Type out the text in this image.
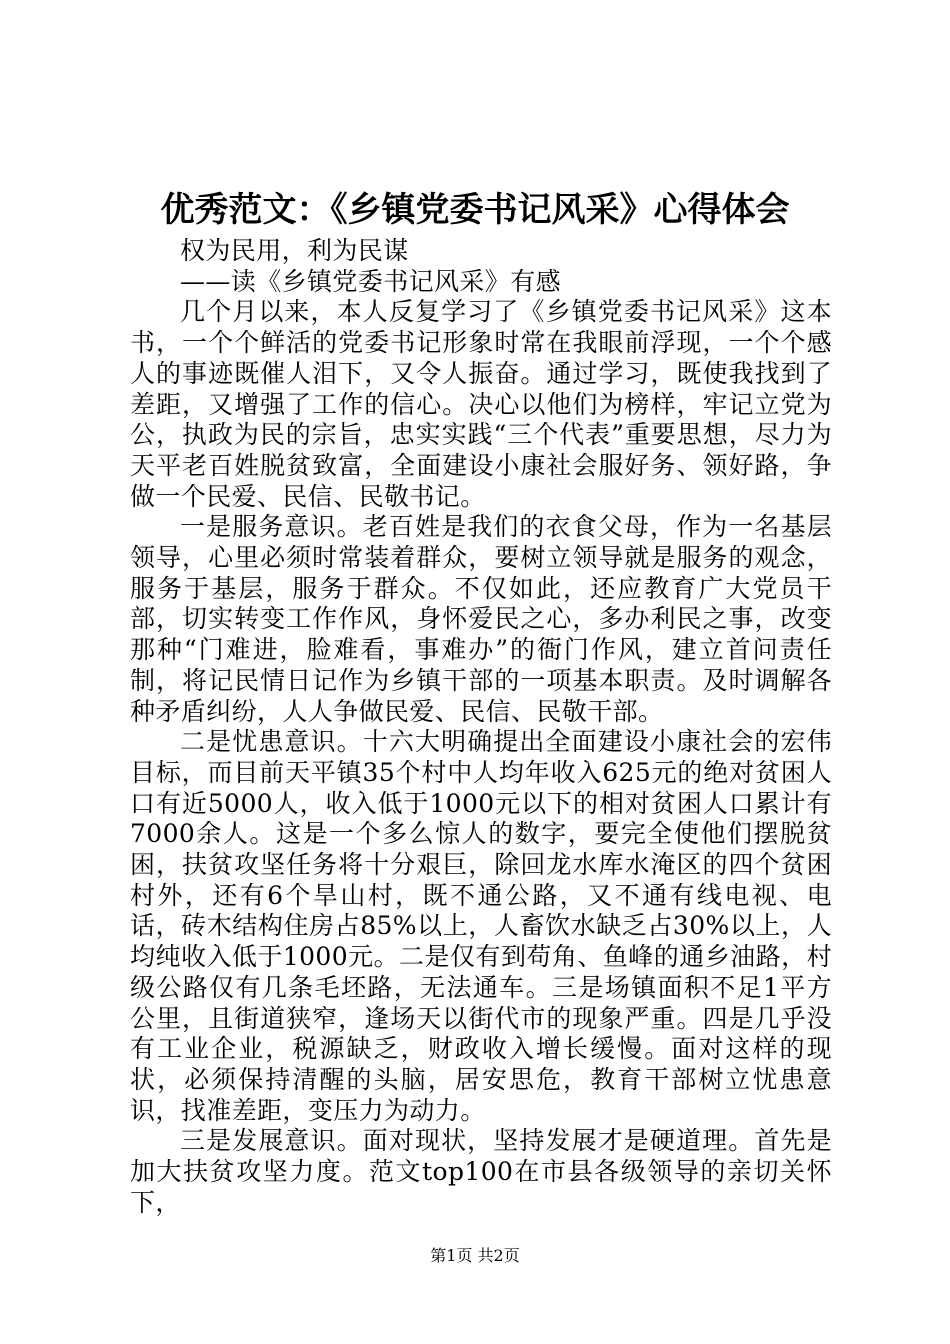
优秀范文：《乡镇党委书记风采》心得体会

权为民用，利为民谋

——读《乡镇党委书记风采》有感

几个月以来，本人反复学习了《乡镇党委书记风采》这本书，一个个鲜活的党委书记形象时常在我眼前浮现，一个个感人的事迹既催人泪下，又令人振奋。通过学习，既使我找到了差距，又增强了工作的信心。决心以他们为榜样，牢记立党为公，执政为民的宗旨，忠实实践“三个代表”重要思想，尽力为天平老百姓脱贫致富，全面建设小康社会服好务、领好路，争做一个民爱、民信、民敬书记。

一是服务意识。老百姓是我们的衣食父母，作为一名基层领导，心里必须时常装着群众，要树立领导就是服务的观念，服务于基层，服务于群众。不仅如此，还应教育广大党员干部，切实转变工作作风，身怀爱民之心，多办利民之事，改变那种“门难进，脸难看，事难办”的衙门作风，建立首问责任制，将记民情日记作为乡镇干部的一项基本职责。及时调解各种矛盾纠纷，人人争做民爱、民信、民敬干部。

二是忧患意识。十六大明确提出全面建设小康社会的宏伟目标，而目前天平镇35个村中人均年收入625元的绝对贫困人口有近5000人，收入低于1000元以下的相对贫困人口累计有7000余人。这是一个多么惊人的数字，要完全使他们摆脱贫困，扶贫攻坚任务将十分艰巨，除回龙水库水淹区的四个贫困村外，还有6个旱山村，既不通公路，又不通有线电视、电话，砖木结构住房占85%以上，人畜饮水缺乏占30%以上，人均纯收入低于1000元。二是仅有到苟角、鱼峰的通乡油路，村级公路仅有几条毛坯路，无法通车。三是场镇面积不足1平方公里，且街道狭窄，逢场天以街代市的现象严重。四是几乎没有工业企业，税源缺乏，财政收入增长缓慢。面对这样的现状，必须保持清醒的头脑，居安思危，教育干部树立忧患意识，找准差距，变压力为动力。

三是发展意识。面对现状，坚持发展才是硬道理。首先是加大扶贫攻坚力度。范文top100在市县各级领导的亲切关怀下，

第1页 共2页
